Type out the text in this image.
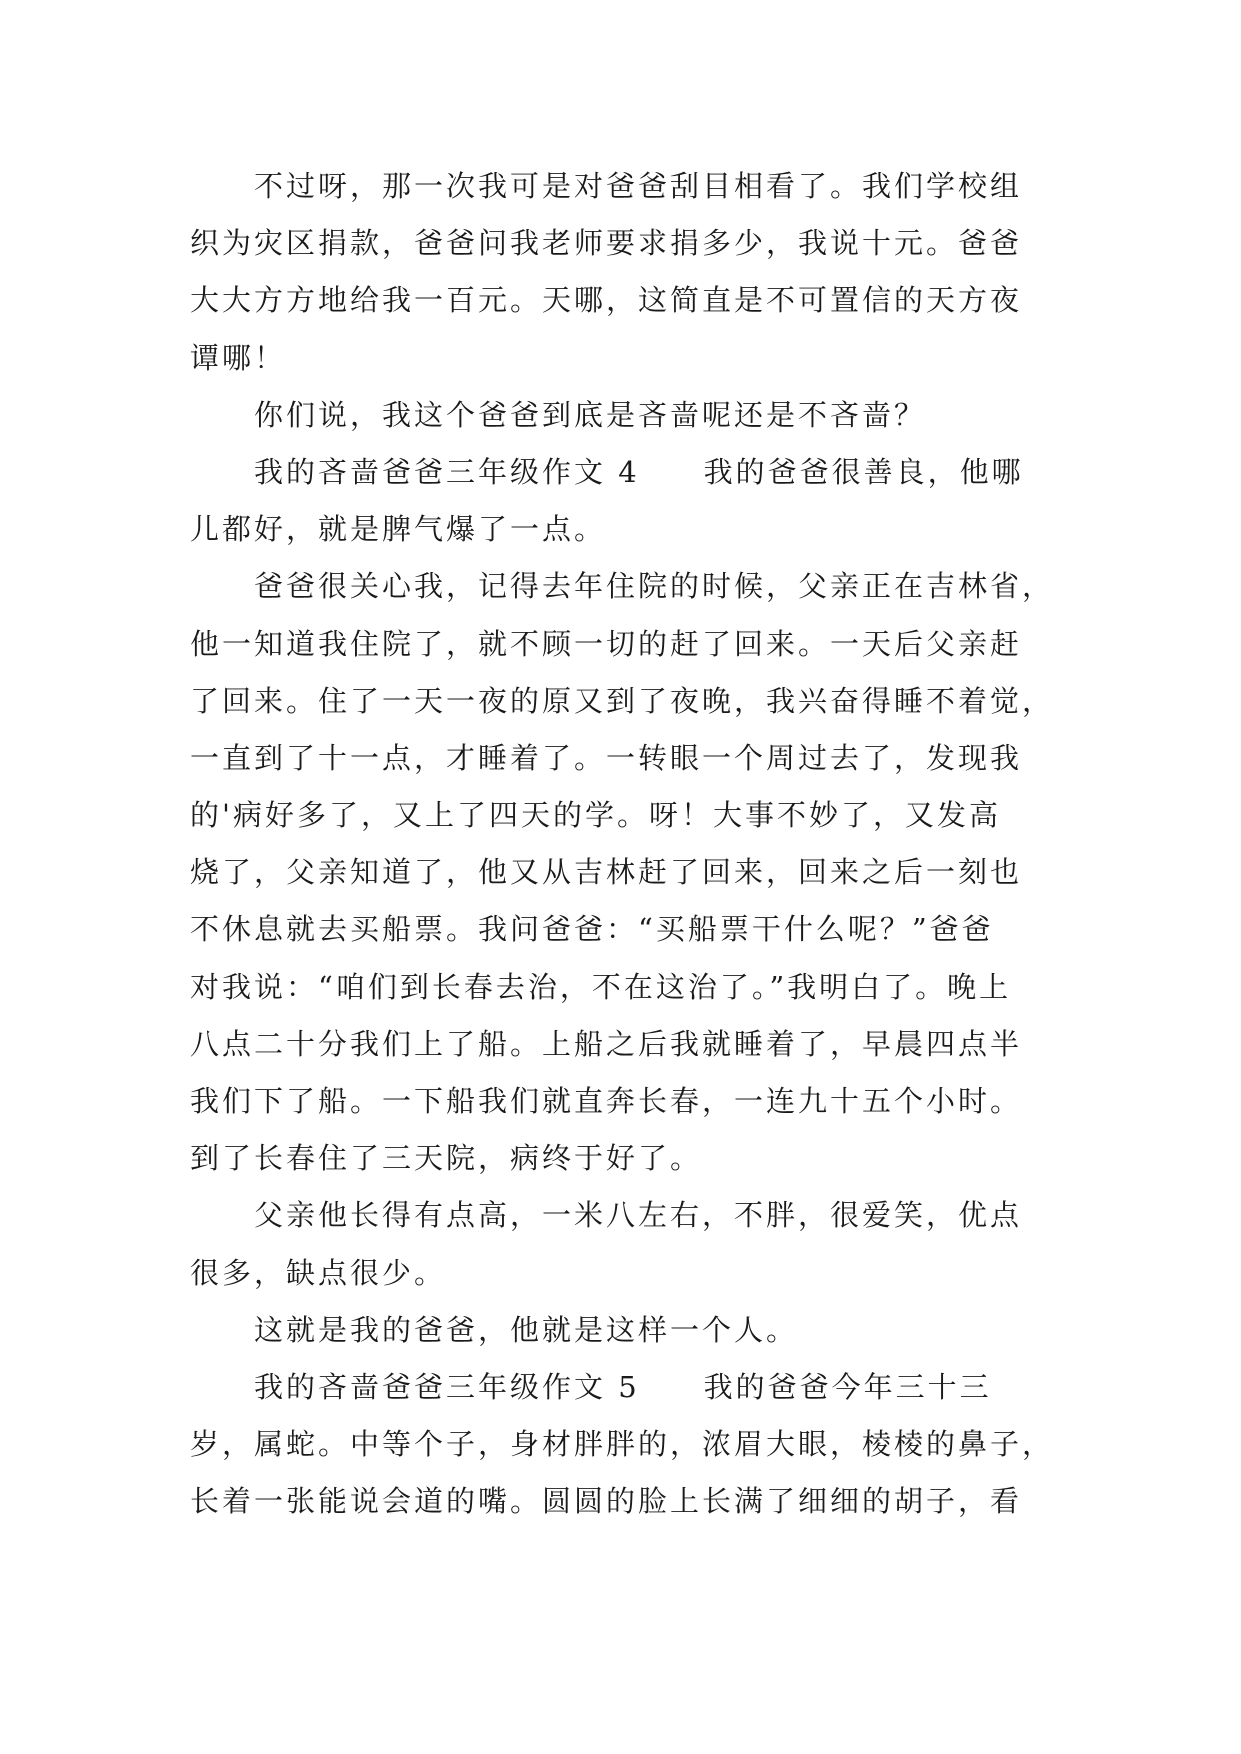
不过呀，那一次我可是对爸爸刮目相看了。我们学校组
织为灾区捐款，爸爸问我老师要求捐多少，我说十元。爸爸
大大方方地给我一百元。天哪，这简直是不可置信的天方夜
谭哪！
你们说，我这个爸爸到底是吝啬呢还是不吝啬？
我的吝啬爸爸三年级作文 4　　我的爸爸很善良，他哪
儿都好，就是脾气爆了一点。
爸爸很关心我，记得去年住院的时候，父亲正在吉林省，
他一知道我住院了，就不顾一切的赶了回来。一天后父亲赶
了回来。住了一天一夜的原又到了夜晚，我兴奋得睡不着觉，
一直到了十一点，才睡着了。一转眼一个周过去了，发现我
的'病好多了，又上了四天的学。呀！大事不妙了，又发高
烧了，父亲知道了，他又从吉林赶了回来，回来之后一刻也
不休息就去买船票。我问爸爸：“买船票干什么呢？”爸爸
对我说：“咱们到长春去治，不在这治了。”我明白了。晚上
八点二十分我们上了船。上船之后我就睡着了，早晨四点半
我们下了船。一下船我们就直奔长春，一连九十五个小时。
到了长春住了三天院，病终于好了。
父亲他长得有点高，一米八左右，不胖，很爱笑，优点
很多，缺点很少。
这就是我的爸爸，他就是这样一个人。
我的吝啬爸爸三年级作文 5　　我的爸爸今年三十三
岁，属蛇。中等个子，身材胖胖的，浓眉大眼，棱棱的鼻子，
长着一张能说会道的嘴。圆圆的脸上长满了细细的胡子，看
